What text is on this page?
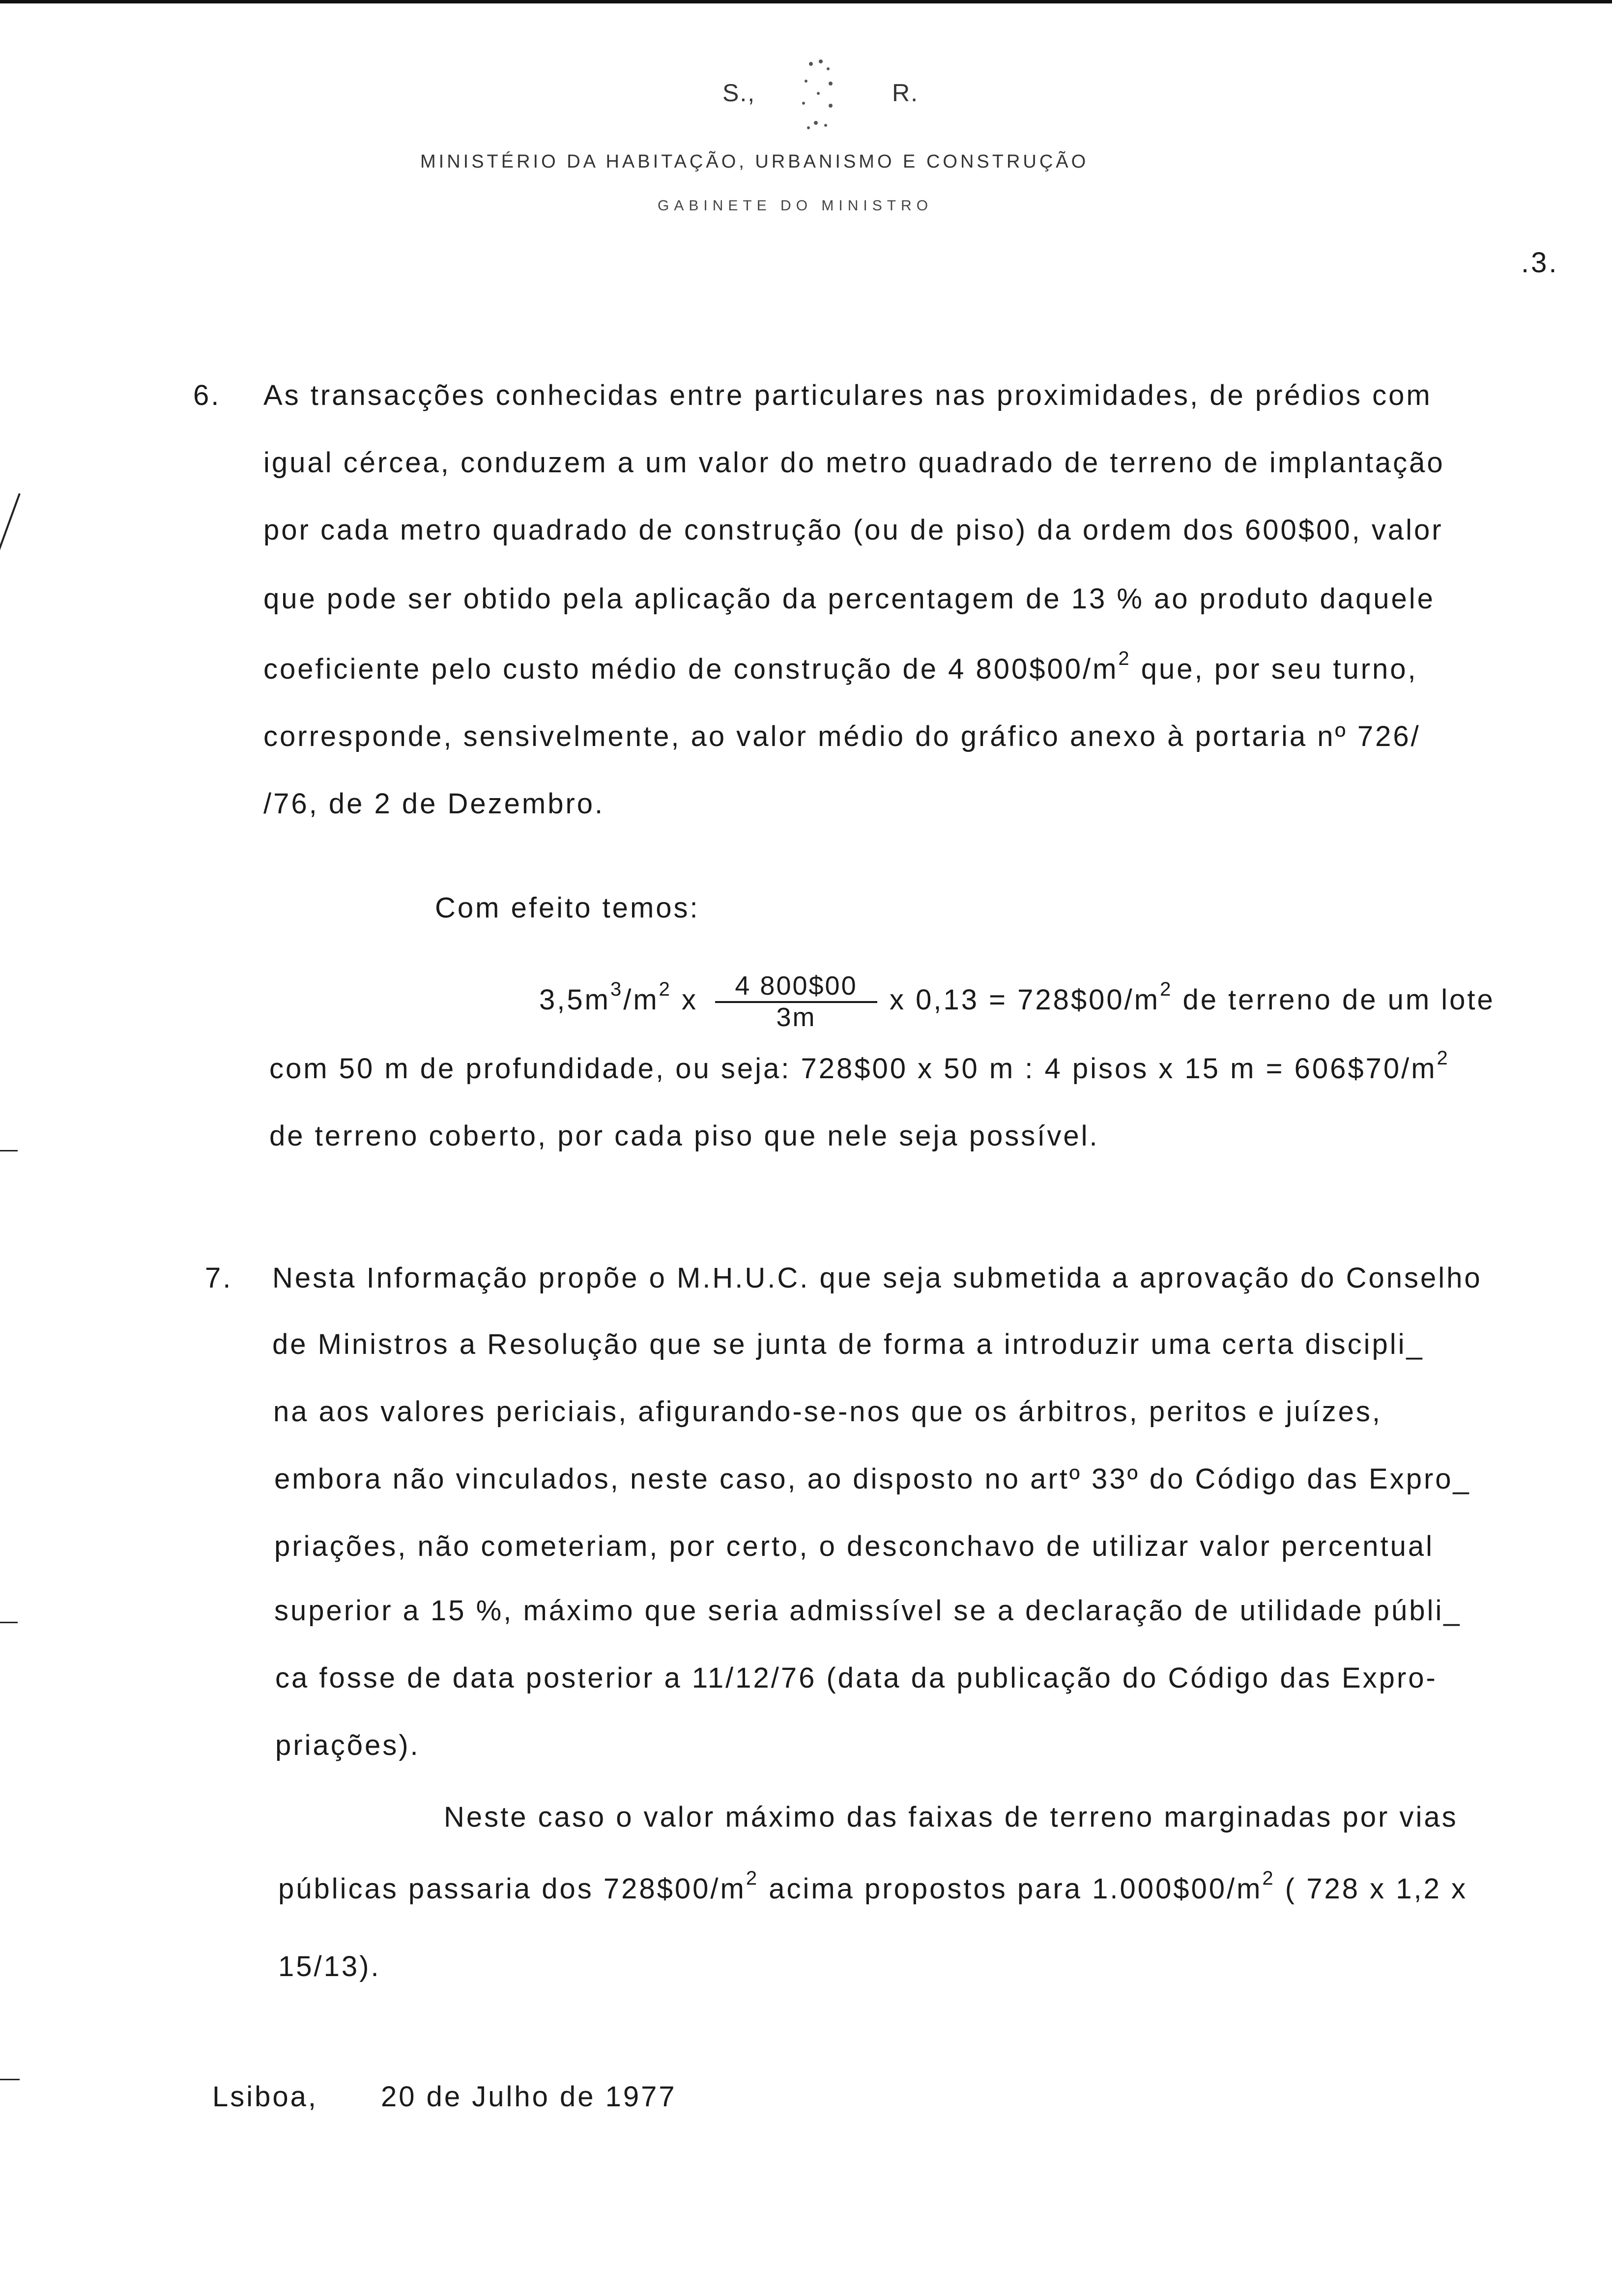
S.,	R.
MINISTÉRIO DA HABITAÇÃO, URBANISMO E CONSTRUÇÃO
GABINETE DO MINISTRO
.3.
6. As transacções conhecidas entre particulares nas proximidades, de prédios com
igual cércea, conduzem a um valor do metro quadrado de terreno de implantação
por cada metro quadrado de construção (ou de piso) da ordem dos 600$00, valor
que pode ser obtido pela aplicação da percentagem de 13 % ao produto daquele
coeficiente pelo custo médio de construção de 4 $800\$00/m^2$ que, por seu turno,
corresponde, sensivelmente, ao valor médio do gráfico anexo à portaria nº 726/
/76, de 2 de Dezembro.
Com efeito temos:
$3,5m^3/m^2$ x $\frac{4 800\$00}{3m}$ x $0,13 = 728\$00/m^2$ de terreno de um lote
com 50 m de profundidade, ou seja: 728$00 x 50 m : 4 pisos x 15 $m = 606\$70/m^2$
de terreno coberto, por cada piso que nele seja possível.
7. Nesta Informação propõe o M.H.U.C. que seja submetida a aprovação do Conselho
de Ministros a Resolução que se junta de forma a introduzir uma certa discipli_
na aos valores periciais, afigurando-se-nos que os árbitros, peritos e juízes,
embora não vinculados, neste caso, ao disposto no artº 33º do Código das Expro_
priações, não cometeriam, por certo, o desconchavo de utilizar valor percentual
superior a 15 %, máximo que seria admissível se a declaração de utilidade públi_
ca fosse de data posterior a 11/12/76 (data da publicação do Código das Expro-
priações).
Neste caso o valor máximo das faixas de terreno marginadas por vias
públicas passaria dos $728\$00/m^2$ acima propostos para $1.000\$00/m^2$ ( 728 x 1,2 x
15/13).
Lsiboa, 20 de Julho de 1977
